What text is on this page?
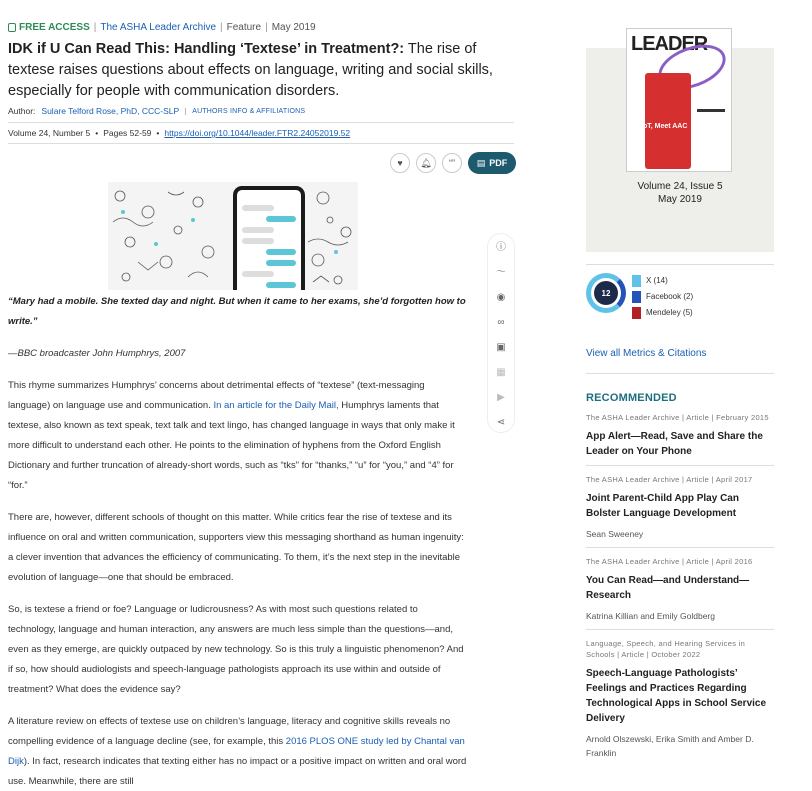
FREE ACCESS | The ASHA Leader Archive | Feature | May 2019
IDK if U Can Read This: Handling ‘Textese’ in Treatment?: The rise of textese raises questions about effects on language, writing and social skills, especially for people with communication disorders.
Author: Sulare Telford Rose, PhD, CCC-SLP	AUTHORS INFO & AFFILIATIONS
Volume 24, Number 5 • Pages 52-59 • https://doi.org/10.1044/leader.FTR2.24052019.52
♥	🔔︎	“”	▤ PDF
ⓘ
〜
◉
∞
▣
▦
▶
⋖

“Mary had a mobile. She texted day and night. But when it came to her exams, she’d forgotten how to write.”

—BBC broadcaster John Humphrys, 2007

This rhyme summarizes Humphrys’ concerns about detrimental effects of “textese” (text-messaging language) on language use and communication. In an article for the Daily Mail, Humphrys laments that textese, also known as text speak, text talk and text lingo, has changed language in ways that only make it more difficult to understand each other. He points to the elimination of hyphens from the Oxford English Dictionary and further truncation of already-short words, such as “tks” for “thanks,” “u” for “you,” and “4” for “for.”

There are, however, different schools of thought on this matter. While critics fear the rise of textese and its influence on oral and written communication, supporters view this messaging shorthand as human ingenuity: a clever invention that advances the efficiency of communicating. To them, it’s the next step in the inevitable evolution of language—one that should be embraced.

So, is textese a friend or foe? Language or ludicrousness? As with most such questions related to technology, language and human interaction, any answers are much less simple than the questions—and, even as they emerge, are quickly outpaced by new technology. So is this truly a linguistic phenomenon? And if so, how should audiologists and speech-language pathologists approach its use within and outside of treatment? What does the evidence say?

A literature review on effects of textese use on children’s language, literacy and cognitive skills reveals no compelling evidence of a language decline (see, for example, this 2016 PLOS ONE study led by Chantal van Dijk). In fact, research indicates that texting either has no impact or a positive impact on written and oral word use. Meanwhile, there are still

LEADER
IoT, Meet AAC
Volume 24, Issue 5
May 2019
12
X (14)
Facebook (2)
Mendeley (5)
View all Metrics & Citations
RECOMMENDED
The ASHA Leader Archive | Article | February 2015
App Alert—Read, Save and Share the Leader on Your Phone
The ASHA Leader Archive | Article | April 2017
Joint Parent-Child App Play Can Bolster Language Development
Sean Sweeney
The ASHA Leader Archive | Article | April 2016
You Can Read—and Understand—Research
Katrina Killian and Emily Goldberg
Language, Speech, and Hearing Services in Schools | Article | October 2022
Speech-Language Pathologists’ Feelings and Practices Regarding Technological Apps in School Service Delivery
Arnold Olszewski, Erika Smith and Amber D. Franklin
